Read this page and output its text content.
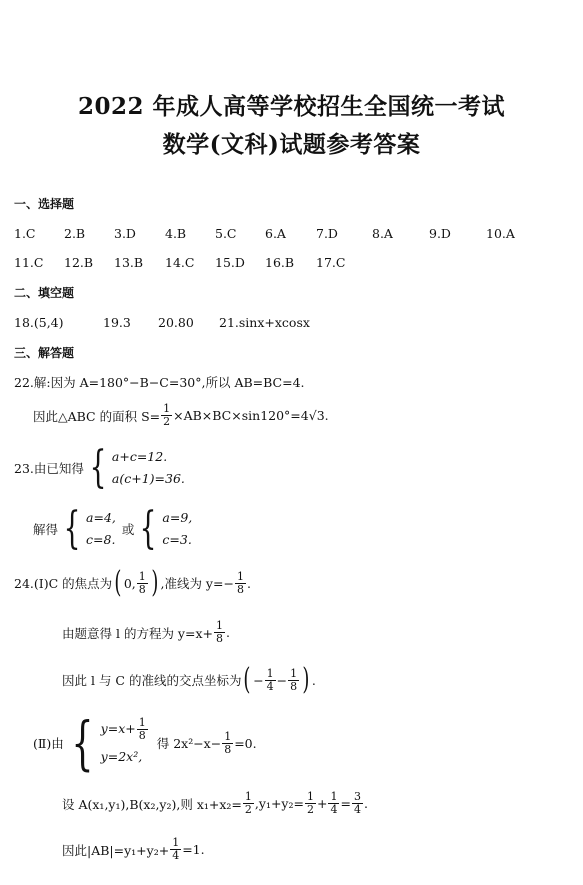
2022 年成人高等学校招生全国统一考试
数学(文科)试题参考答案
一、选择题
1.C 2.B 3.D 4.B 5.C 6.A 7.D	8.A	9.D	10.A
11.C 12.B 13.B 14.C 15.D 16.B 17.C
二、填空题
18.(5,4)	19.3 20.80 21.sinx+xcosx
三、解答题
22.解:因为 A=180°−B−C=30°,所以 AB=BC=4.
因此△ABC 的面积 $S= \frac{1}{2} \times AB\times BC\times\sin 120^\circ=4√3$.
23.由已知得 { a+c=12.
a(c+1)=36.
解得 { a=4,
c=8.
或 { a=9,
c=3.
24.(Ⅰ)C 的焦点为 ( 0, $\frac{1}{8}$ ) ,准线为 $y=- \frac{1}{8}$ .
由题意得 l 的方程为 $y=x+ \frac{1}{8}$ .
因此 l 与 C 的准线的交点坐标为 ( − $\frac{1}{4} - \frac{1}{8}$ ) .
(Ⅱ)由 { $y=x+ \frac{1}{8}$
y=2x²,
得 $2x^2-x- \frac{1}{8} =0$.
设 A(x₁,y₁),B(x₂,y₂),则 $x_1+x_2= \frac{1}{2} ,y_1+y_2= \frac{1}{2} + \frac{1}{4} = \frac{3}{4}$ .
因此$|AB|=y_1+y_2+ \frac{1}{4} =1$.
